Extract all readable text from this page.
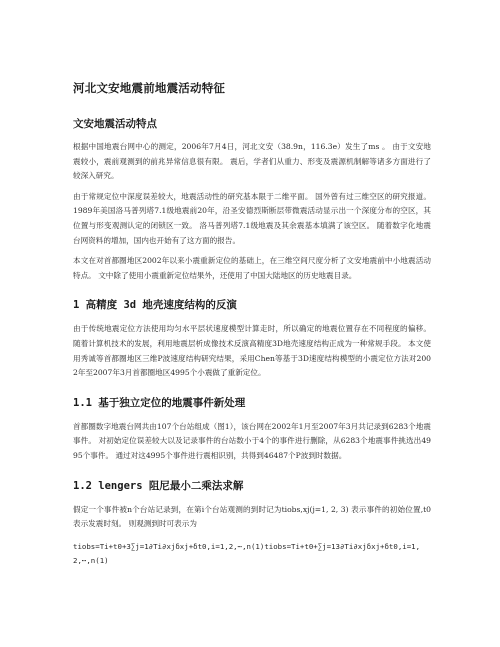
河北文安地震前地震活动特征
文安地震活动特点

根据中国地震台网中心的测定，2006年7月4日，河北文安（38.9n，116.3e）发生了ms 。 由于文安地震较小，震前观测到的前兆异常信息很有限。 震后，学者们从重力、形变及震源机制解等诸多方面进行了较深入研究。

由于常规定位中深度误差较大，地震活动性的研究基本限于二维平面。 国外曾有过三维空区的研究报道。 1989年美国洛马普列塔7.1级地震前20年，沿圣安德烈斯断层带微震活动显示出一个深度分布的空区，其位置与形变观测认定的闭锁区一致。 洛马普列塔7.1级地震及其余震基本填满了该空区。 随着数字化地震台网资料的增加，国内也开始有了这方面的报告。

本文在对首都圈地区2002年以来小震重新定位的基础上，在三维空间尺度分析了文安地震前中小地震活动特点。 文中除了使用小震重新定位结果外，还使用了中国大陆地区的历史地震目录。

1 高精度 3d 地壳速度结构的反演

由于传统地震定位方法使用均匀水平层状速度模型计算走时，所以确定的地震位置存在不同程度的偏移。 随着计算机技术的发展，利用地震层析成像技术反演高精度3D地壳速度结构正成为一种常规手段。 本文使用秀诚等首都圈地区三维P波速度结构研究结果，采用Chen等基于3D速度结构模型的小震定位方法对2002年至2007年3月首都圈地区4995个小震做了重新定位。

1.1 基于独立定位的地震事件新处理

首都圈数字地震台网共由107个台站组成（图1），该台网在2002年1月至2007年3月共记录到6283个地震事件。 对初始定位误差较大以及记录事件的台站数小于4个的事件进行删除，从6283个地震事件挑选出4995个事件。 通过对这4995个事件进行震相识别，共得到46487个P波到时数据。

1.2 lengers 阻尼最小二乘法求解

假定一个事件被n个台站记录到，在第i个台站观测的到时记为tiobs,xj(j=1, 2, 3) 表示事件的初始位置,t0表示发震时刻。 则观测到时可表示为

tiobs=Ti+t0+3∑j=1∂Ti∂xjδxj+δt0,i=1,2,⋯,n(1)tiobs=Ti+t0+∑j=13∂Ti∂xjδxj+δt0,i=1,2,⋯,n(1)
